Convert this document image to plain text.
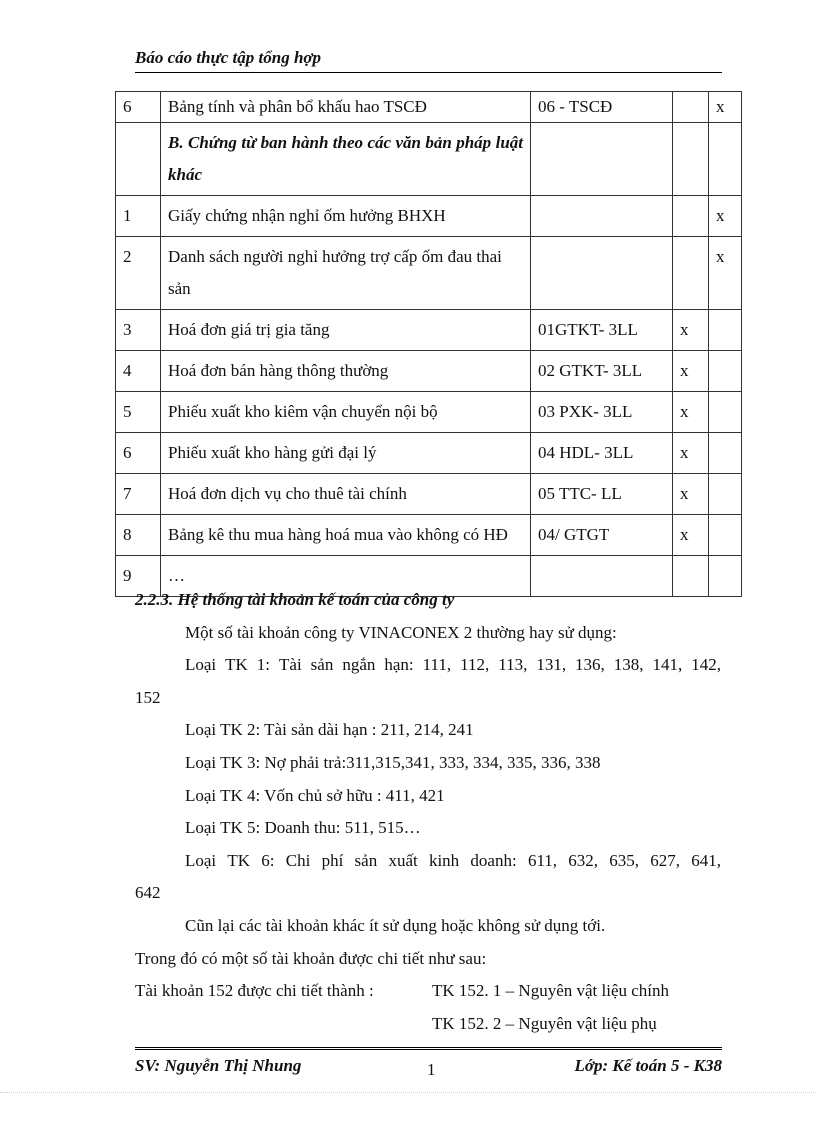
Báo cáo thực tập tổng hợp
6	Bảng tính và phân bổ khấu hao TSCĐ	06 - TSCĐ		x
	B. Chứng từ ban hành theo các văn bản pháp luật khác			
1	Giấy chứng nhận nghỉ ốm hưởng BHXH			x
2	Danh sách người nghỉ hưởng trợ cấp ốm đau thai sản			x
3	Hoá đơn giá trị gia tăng	01GTKT- 3LL	x	
4	Hoá đơn bán hàng thông thường	02 GTKT- 3LL	x	
5	Phiếu xuất kho kiêm vận chuyển nội bộ	03 PXK- 3LL	x	
6	Phiếu xuất kho hàng gửi đại lý	04 HDL- 3LL	x	
7	Hoá đơn dịch vụ cho thuê tài chính	05 TTC- LL	x	
8	Bảng kê thu mua hàng hoá mua vào không có HĐ	04/ GTGT	x	
9	…			
2.2.3. Hệ thống tài khoản kế toán của công ty
Một số tài khoản công ty VINACONEX 2 thường hay sử dụng:
Loại TK 1: Tài sản ngắn hạn: 111, 112, 113, 131, 136, 138, 141, 142,
152
Loại TK 2: Tài sản dài hạn : 211, 214, 241
Loại TK 3: Nợ phải trả:311,315,341, 333, 334, 335, 336, 338
Loại TK 4: Vốn chủ sở hữu : 411, 421
Loại TK 5: Doanh thu: 511, 515…
Loại TK 6: Chi phí sản xuất kinh doanh: 611, 632, 635, 627, 641,
642
Cũn lại các tài khoản khác ít sử dụng hoặc không sử dụng tới.
Trong đó có một số tài khoản được chi tiết như sau:
Tài khoản 152 được chi tiết thành :	TK 152. 1 – Nguyên vật liệu chính
TK 152. 2 – Nguyên vật liệu phụ
SV: Nguyễn Thị Nhung	1	Lớp: Kế toán 5 - K38
